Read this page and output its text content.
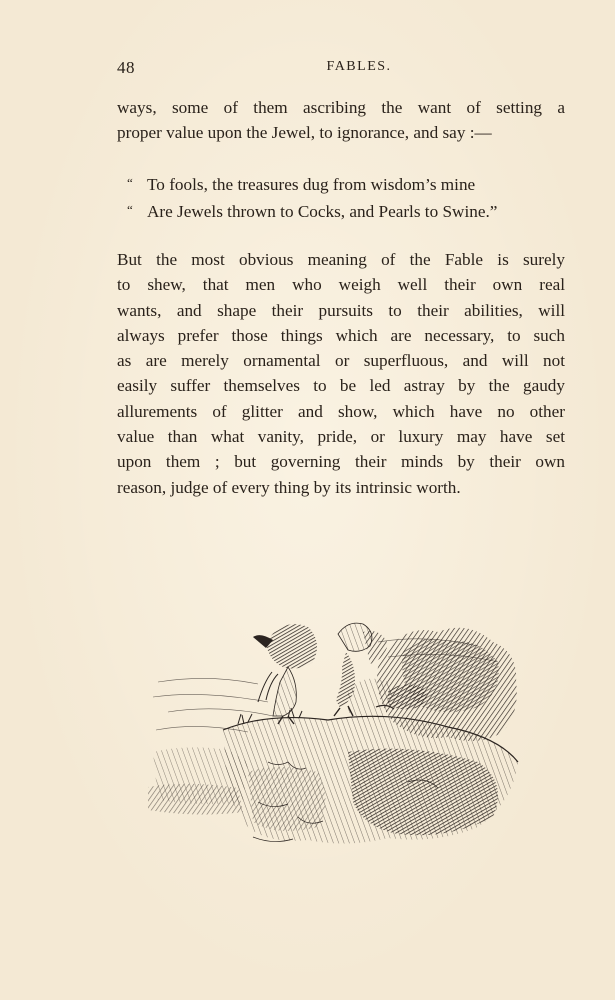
48	FABLES.
ways, some of them ascribing the want of setting a
proper value upon the Jewel, to ignorance, and say :—
“ To fools, the treasures dug from wisdom’s mine
“ Are Jewels thrown to Cocks, and Pearls to Swine.”
But the most obvious meaning of the Fable is surely
to shew, that men who weigh well their own real
wants, and shape their pursuits to their abilities, will
always prefer those things which are necessary, to such
as are merely ornamental or superfluous, and will not
easily suffer themselves to be led astray by the gaudy
allurements of glitter and show, which have no other
value than what vanity, pride, or luxury may have set
upon them ; but governing their minds by their own
reason, judge of every thing by its intrinsic worth.
